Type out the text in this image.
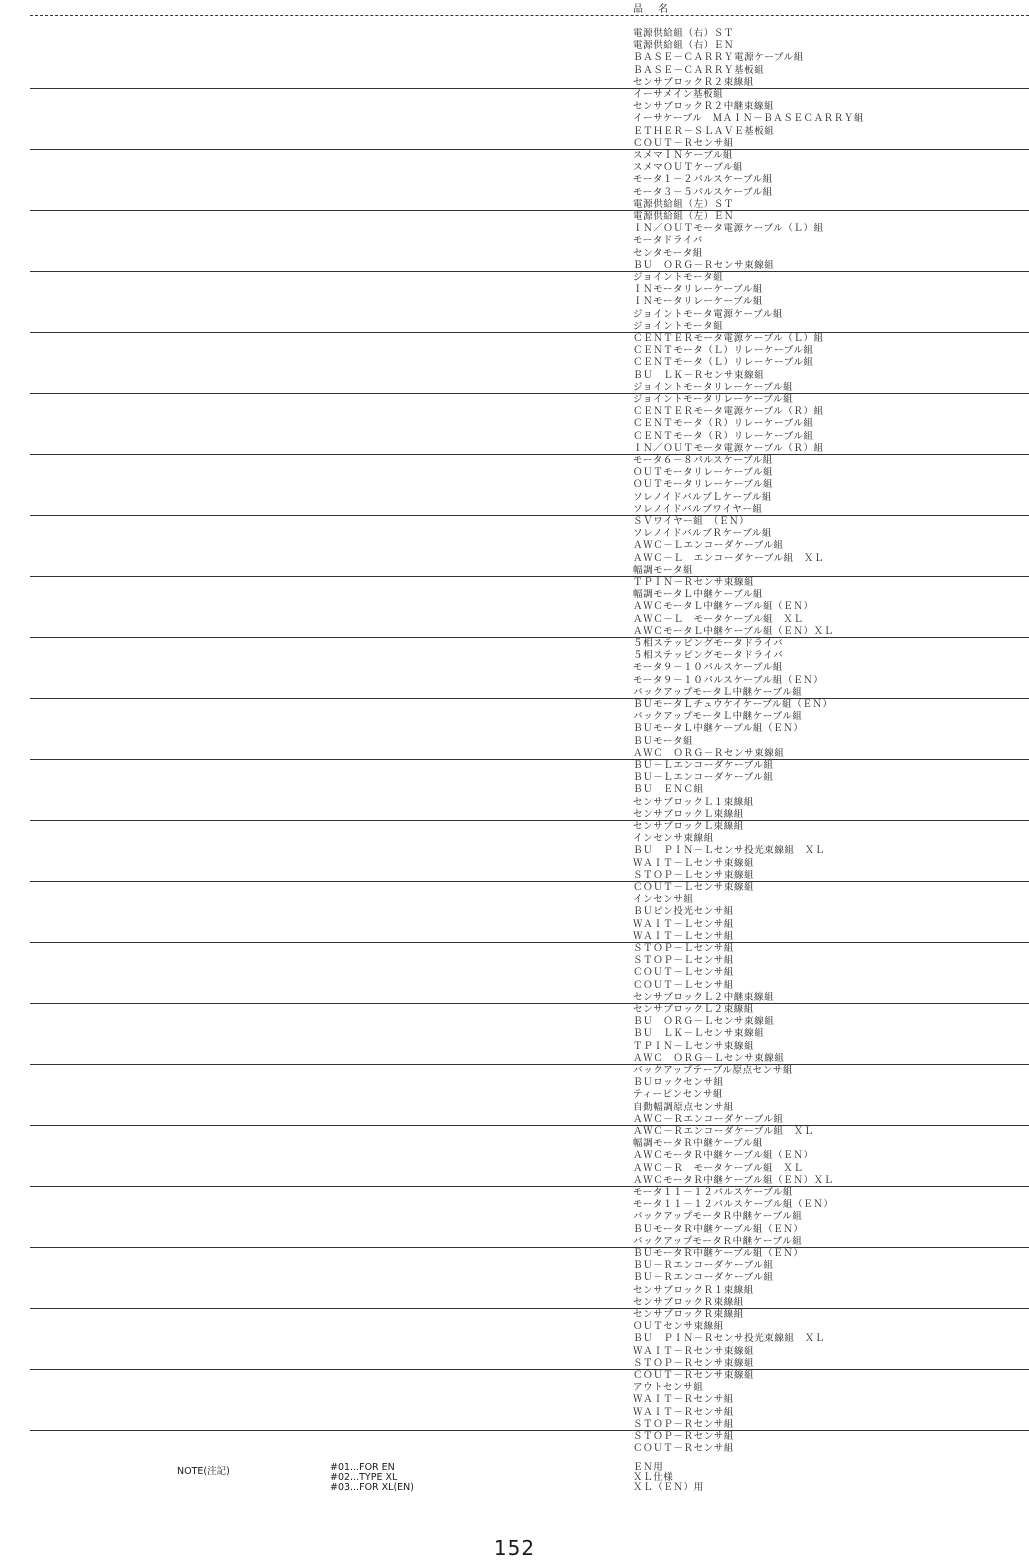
品 名
電源供給組（右）ＳＴ
電源供給組（右）ＥＮ
ＢＡＳＥ－ＣＡＲＲＹ電源ケーブル組
ＢＡＳＥ－ＣＡＲＲＹ基板組
センサブロックＲ２束線組
イーサメイン基板組
センサブロックＲ２中継束線組
イーサケーブル　ＭＡＩＮ－ＢＡＳＥＣＡＲＲＹ組
ＥＴＨＥＲ－ＳＬＡＶＥ基板組
ＣＯＵＴ－Ｒセンサ組
スメマＩＮケーブル組
スメマＯＵＴケーブル組
モータ１－２パルスケーブル組
モータ３－５パルスケーブル組
電源供給組（左）ＳＴ
電源供給組（左）ＥＮ
ＩＮ／ＯＵＴモータ電源ケーブル（Ｌ）組
モータドライバ
センタモータ組
ＢＵ　ＯＲＧ－Ｒセンサ束線組
ジョイントモータ組
ＩＮモータリレーケーブル組
ＩＮモータリレーケーブル組
ジョイントモータ電源ケーブル組
ジョイントモータ組
ＣＥＮＴＥＲモータ電源ケーブル（Ｌ）組
ＣＥＮＴモータ（Ｌ）リレーケーブル組
ＣＥＮＴモータ（Ｌ）リレーケーブル組
ＢＵ　ＬＫ－Ｒセンサ束線組
ジョイントモータリレーケーブル組
ジョイントモータリレーケーブル組
ＣＥＮＴＥＲモータ電源ケーブル（Ｒ）組
ＣＥＮＴモータ（Ｒ）リレーケーブル組
ＣＥＮＴモータ（Ｒ）リレーケーブル組
ＩＮ／ＯＵＴモータ電源ケーブル（Ｒ）組
モータ６－８パルスケーブル組
ＯＵＴモータリレーケーブル組
ＯＵＴモータリレーケーブル組
ソレノイドバルブＬケーブル組
ソレノイドバルブワイヤー組
ＳＶワイヤー組　（ＥＮ）
ソレノイドバルブＲケーブル組
ＡＷＣ－Ｌエンコーダケーブル組
ＡＷＣ－Ｌ　エンコーダケーブル組　ＸＬ
幅調モータ組
ＴＰＩＮ－Ｒセンサ束線組
幅調モータＬ中継ケーブル組
ＡＷＣモータＬ中継ケーブル組（ＥＮ）
ＡＷＣ－Ｌ　モータケーブル組　ＸＬ
ＡＷＣモータＬ中継ケーブル組（ＥＮ）ＸＬ
５相ステッピングモータドライバ
５相ステッピングモータドライバ
モータ９－１０パルスケーブル組
モータ９－１０パルスケーブル組（ＥＮ）
バックアップモータＬ中継ケーブル組
ＢＵモータＬチュウケイケーブル組（ＥＮ）
バックアップモータＬ中継ケーブル組
ＢＵモータＬ中継ケーブル組（ＥＮ）
ＢＵモータ組
ＡＷＣ　ＯＲＧ－Ｒセンサ束線組
ＢＵ－Ｌエンコーダケーブル組
ＢＵ－Ｌエンコーダケーブル組
ＢＵ　ＥＮＣ組
センサブロックＬ１束線組
センサブロックＬ束線組
センサブロックＬ束線組
インセンサ束線組
ＢＵ　ＰＩＮ－Ｌセンサ投光束線組　ＸＬ
ＷＡＩＴ－Ｌセンサ束線組
ＳＴＯＰ－Ｌセンサ束線組
ＣＯＵＴ－Ｌセンサ束線組
インセンサ組
ＢＵピン投光センサ組
ＷＡＩＴ－Ｌセンサ組
ＷＡＩＴ－Ｌセンサ組
ＳＴＯＰ－Ｌセンサ組
ＳＴＯＰ－Ｌセンサ組
ＣＯＵＴ－Ｌセンサ組
ＣＯＵＴ－Ｌセンサ組
センサブロックＬ２中継束線組
センサブロックＬ２束線組
ＢＵ　ＯＲＧ－Ｌセンサ束線組
ＢＵ　ＬＫ－Ｌセンサ束線組
ＴＰＩＮ－Ｌセンサ束線組
ＡＷＣ　ＯＲＧ－Ｌセンサ束線組
バックアップテーブル原点センサ組
ＢＵロックセンサ組
ティーピンセンサ組
自動幅調原点センサ組
ＡＷＣ－Ｒエンコーダケーブル組
ＡＷＣ－Ｒエンコーダケーブル組　ＸＬ
幅調モータＲ中継ケーブル組
ＡＷＣモータＲ中継ケーブル組（ＥＮ）
ＡＷＣ－Ｒ　モータケーブル組　ＸＬ
ＡＷＣモータＲ中継ケーブル組（ＥＮ）ＸＬ
モータ１１－１２パルスケーブル組
モータ１１－１２パルスケーブル組（ＥＮ）
バックアップモータＲ中継ケーブル組
ＢＵモータＲ中継ケーブル組（ＥＮ）
バックアップモータＲ中継ケーブル組
ＢＵモータＲ中継ケーブル組（ＥＮ）
ＢＵ－Ｒエンコーダケーブル組
ＢＵ－Ｒエンコーダケーブル組
センサブロックＲ１束線組
センサブロックＲ束線組
センサブロックＲ束線組
ＯＵＴセンサ束線組
ＢＵ　ＰＩＮ－Ｒセンサ投光束線組　ＸＬ
ＷＡＩＴ－Ｒセンサ束線組
ＳＴＯＰ－Ｒセンサ束線組
ＣＯＵＴ－Ｒセンサ束線組
アウトセンサ組
ＷＡＩＴ－Ｒセンサ組
ＷＡＩＴ－Ｒセンサ組
ＳＴＯＰ－Ｒセンサ組
ＳＴＯＰ－Ｒセンサ組
ＣＯＵＴ－Ｒセンサ組
NOTE(注記)	#01...FOR EN
#02...TYPE XL
#03...FOR XL(EN)
ＥＮ用
ＸＬ仕様
ＸＬ（ＥＮ）用
152
